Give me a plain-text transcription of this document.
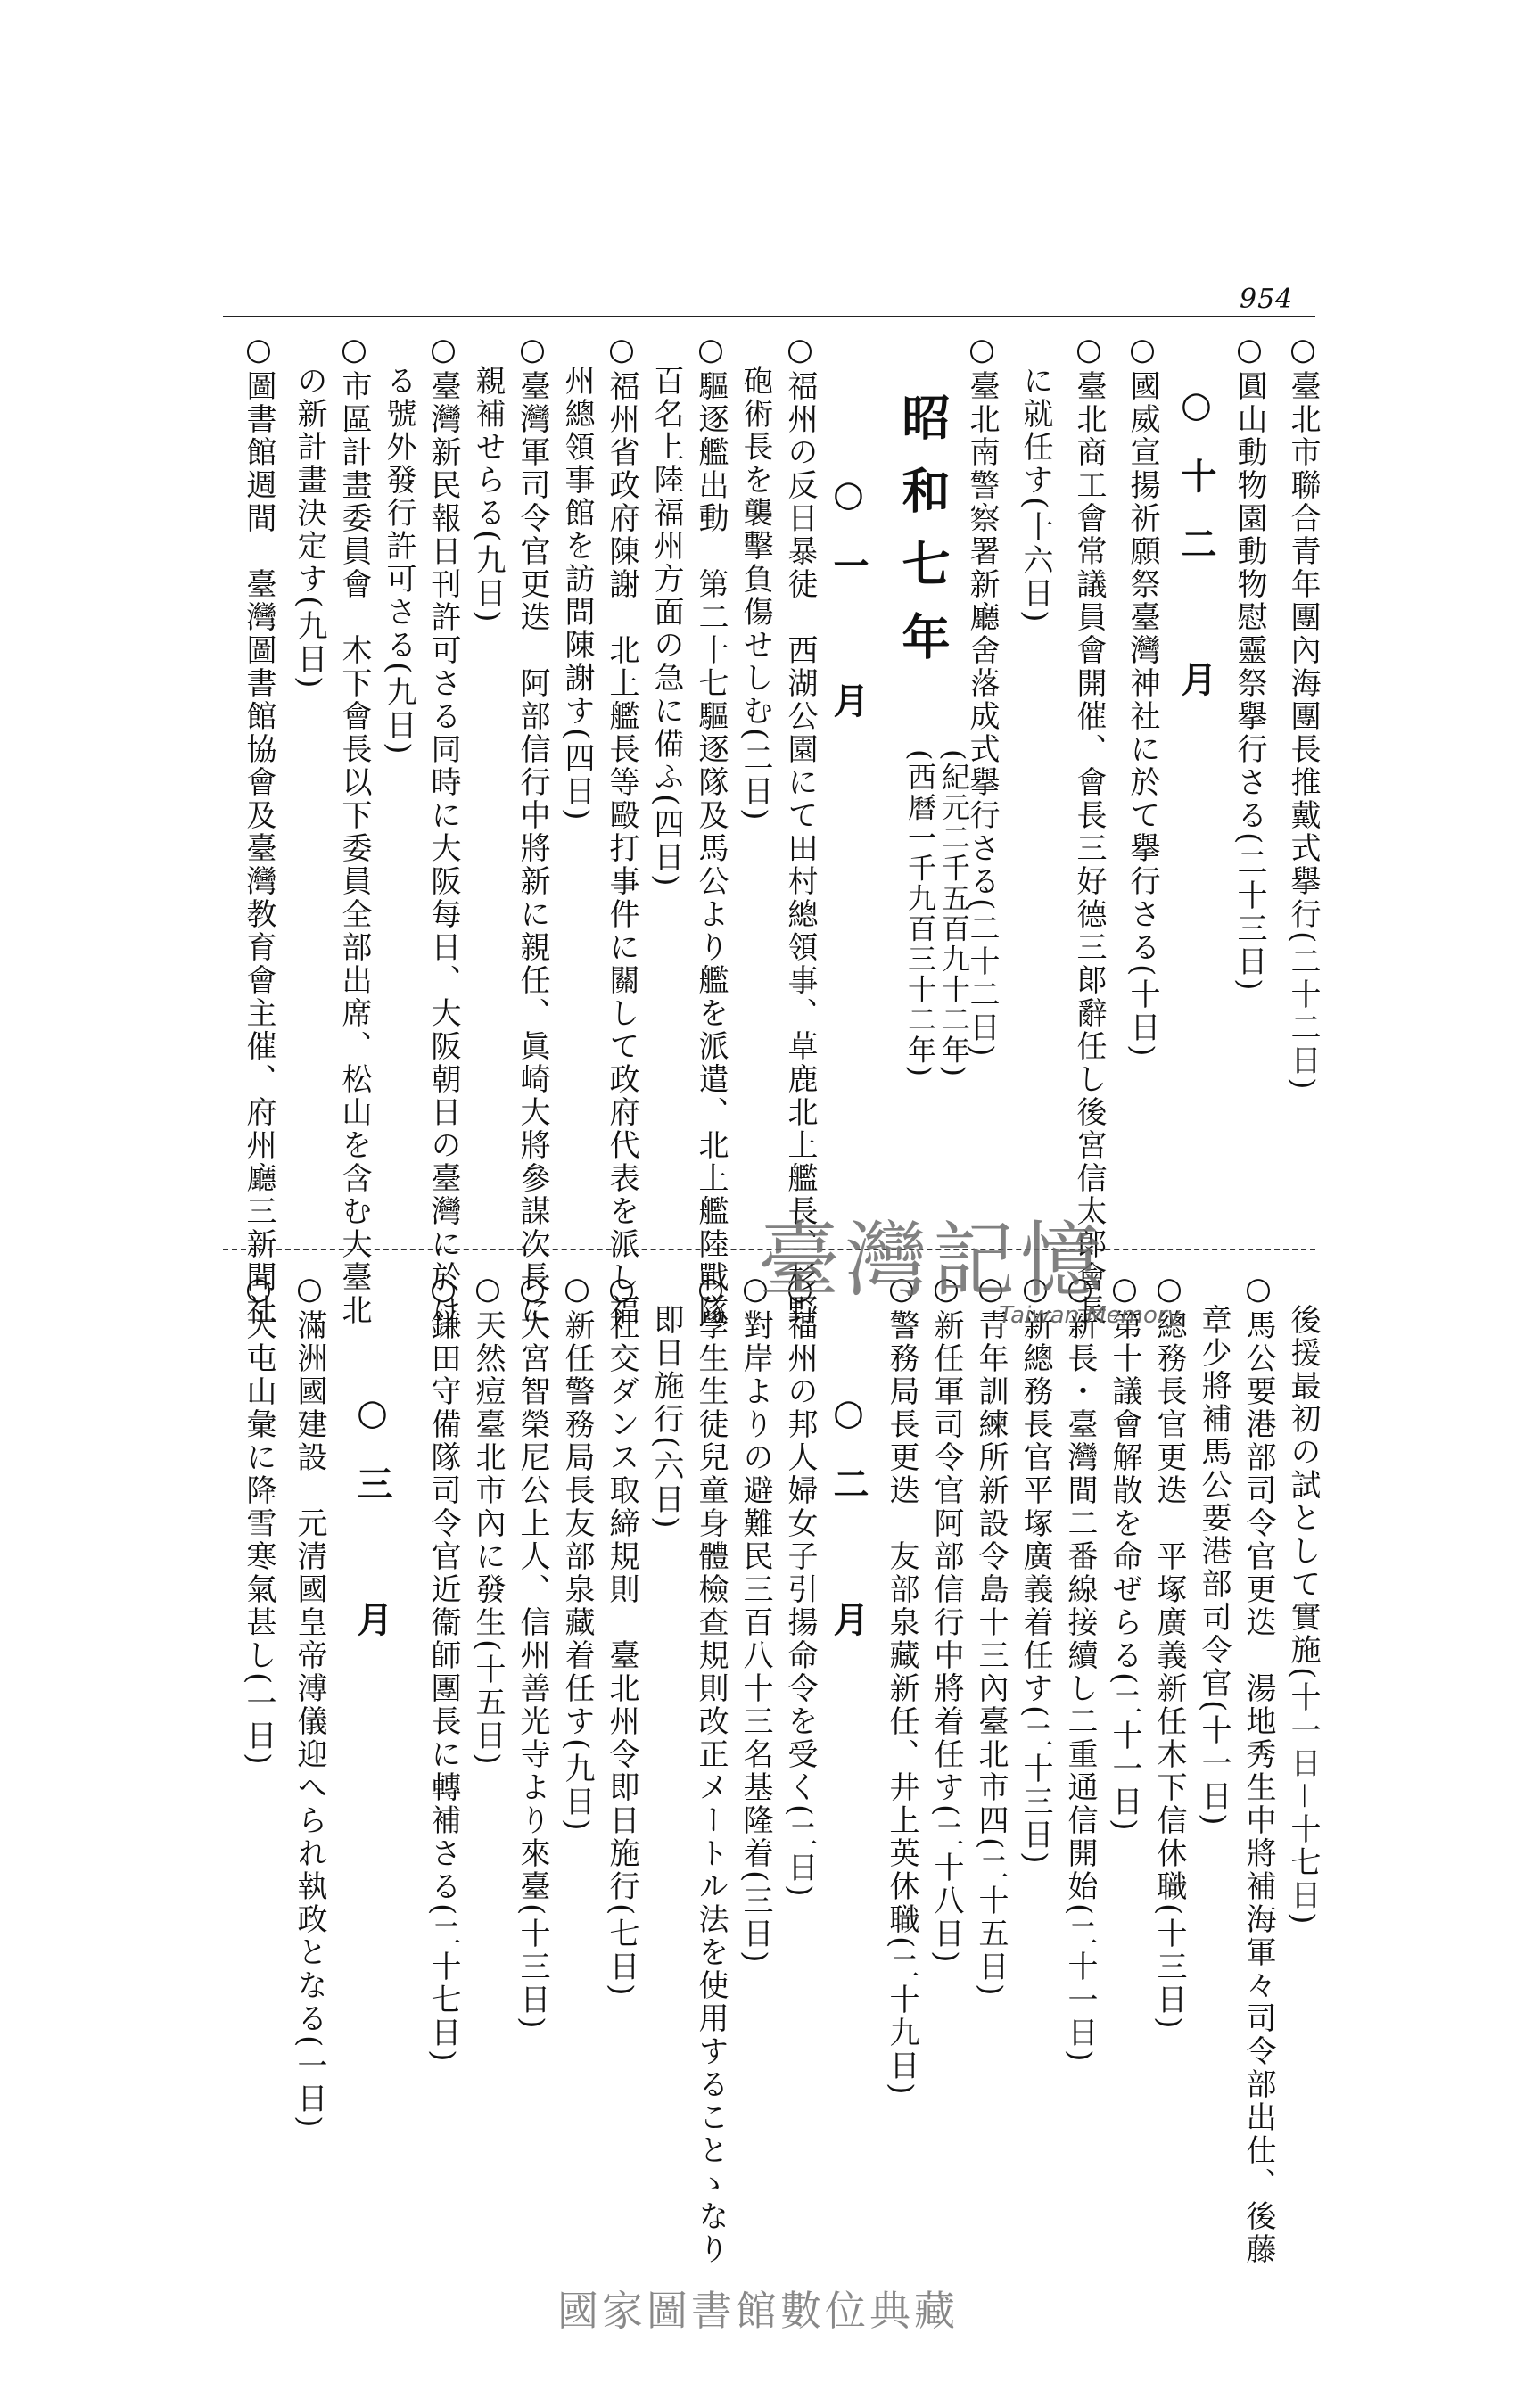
954
○臺北市聯合青年團內海團長推戴式擧行(二十二日)
○圓山動物園動物慰靈祭擧行さる(二十三日)
○十二　月
○國威宣揚祈願祭臺灣神社に於て擧行さる(十日)
○臺北商工會常議員會開催、會長三好德三郞辭任し後宮信太郞會長
　に就任す(十六日)
○臺北南警察署新廳舍落成式擧行さる(二十二日)
昭和七年
(紀元二千五百九十二年)
(西曆一千九百三十二年)
○一　月
○福州の反日暴徒　西湖公園にて田村總領事、草鹿北上艦長、杉野
　砲術長を襲擊負傷せしむ(二日)
○驅逐艦出動　第二十七驅逐隊及馬公より艦を派遣、北上艦陸戰隊
　百名上陸福州方面の急に備ふ(四日)
○福州省政府陳謝　北上艦長等毆打事件に關して政府代表を派し福
　州總領事館を訪問陳謝す(四日)
○臺灣軍司令官更迭　阿部信行中將新に親任、眞崎大將參謀次長に
　親補せらる(九日)
○臺灣新民報日刊許可さる同時に大阪每日、大阪朝日の臺灣に於け
　る號外發行許可さる(九日)
○市區計畫委員會　木下會長以下委員全部出席、松山を含む大臺北
　の新計畫決定す(九日)
○圖書館週間　臺灣圖書館協會及臺灣教育會主催、府州廳三新聞社
　後援最初の試として實施(十一日－十七日)
○馬公要港部司令官更迭　湯地秀生中將補海軍々司令部出仕、後藤
　章少將補馬公要港部司令官(十一日)
○總務長官更迭　平塚廣義新任木下信休職(十三日)
○第十議會解散を命ぜらる(二十一日)
○新長・臺灣間二番線接續し二重通信開始(二十一日)
○新總務長官平塚廣義着任す(二十三日)
○青年訓練所新設令島十三內臺北市四(二十五日)
○新任軍司令官阿部信行中將着任す(二十八日)
○警務局長更迭　友部泉藏新任、井上英休職(二十九日)
○二　月
○福州の邦人婦女子引揚命令を受く(二日)
○對岸よりの避難民三百八十三名基隆着(三日)
○學生生徒兒童身體檢查規則改正メートル法を使用することゝなり
　即日施行(六日)
○社交ダンス取締規則　臺北州令即日施行(七日)
○新任警務局長友部泉藏着任す(九日)
○大宮智榮尼公上人、信州善光寺より來臺(十三日)
○天然痘臺北市內に發生(十五日)
○鎌田守備隊司令官近衞師團長に轉補さる(二十七日)
○三　月
○滿洲國建設　元清國皇帝溥儀迎へられ執政となる(一日)
○大屯山彙に降雪寒氣甚し(一日)
臺灣記憶
Taiwan Memory
國家圖書館數位典藏
